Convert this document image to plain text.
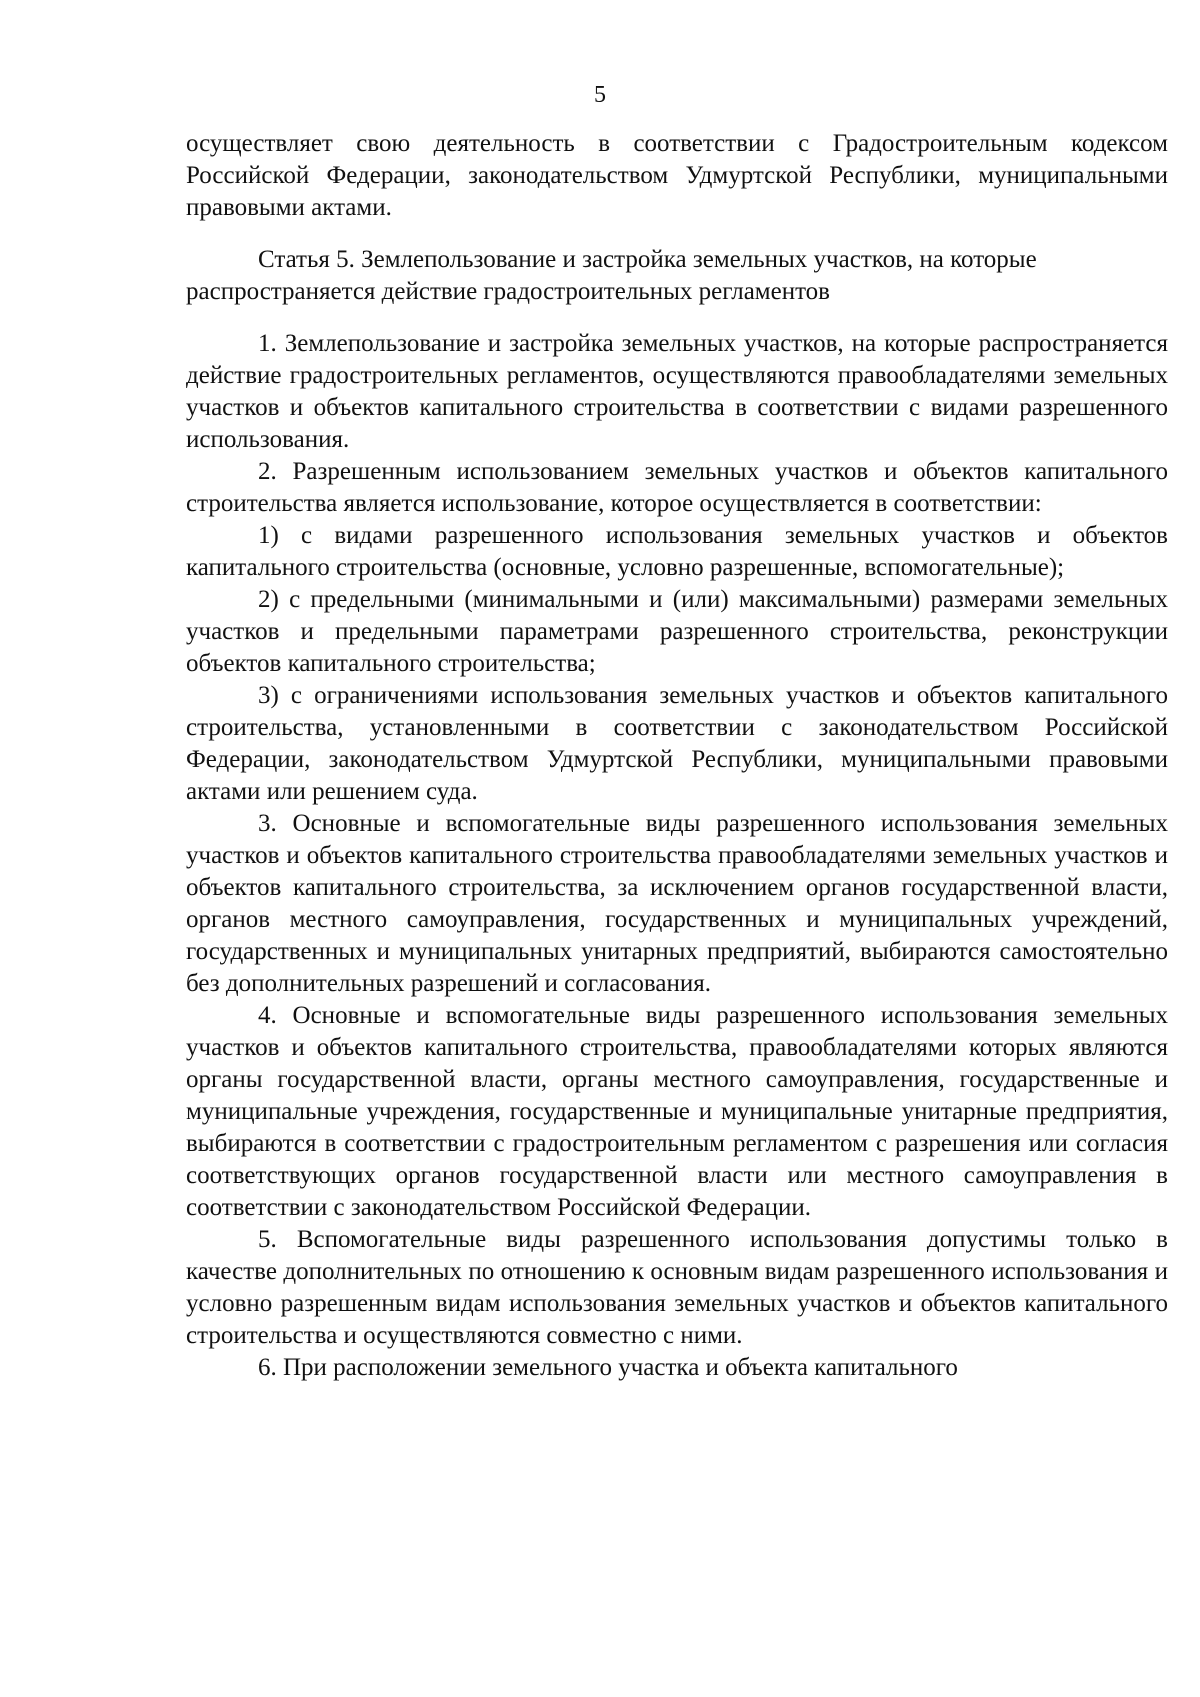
5

осуществляет свою деятельность в соответствии с Градостроительным кодексом Российской Федерации, законодательством Удмуртской Республики, муниципальными правовыми актами.

Статья 5. Землепользование и застройка земельных участков, на которые распространяется действие градостроительных регламентов

1. Землепользование и застройка земельных участков, на которые распространяется действие градостроительных регламентов, осуществляются правообладателями земельных участков и объектов капитального строительства в соответствии с видами разрешенного использования.

2. Разрешенным использованием земельных участков и объектов капитального строительства является использование, которое осуществляется в соответствии:

1) с видами разрешенного использования земельных участков и объектов капитального строительства (основные, условно разрешенные, вспомогательные);

2) с предельными (минимальными и (или) максимальными) размерами земельных участков и предельными параметрами разрешенного строительства, реконструкции объектов капитального строительства;

3) с ограничениями использования земельных участков и объектов капитального строительства, установленными в соответствии с законодательством Российской Федерации, законодательством Удмуртской Республики, муниципальными правовыми актами или решением суда.

3. Основные и вспомогательные виды разрешенного использования земельных участков и объектов капитального строительства правообладателями земельных участков и объектов капитального строительства, за исключением органов государственной власти, органов местного самоуправления, государственных и муниципальных учреждений, государственных и муниципальных унитарных предприятий, выбираются самостоятельно без дополнительных разрешений и согласования.

4. Основные и вспомогательные виды разрешенного использования земельных участков и объектов капитального строительства, правообладателями которых являются органы государственной власти, органы местного самоуправления, государственные и муниципальные учреждения, государственные и муниципальные унитарные предприятия, выбираются в соответствии с градостроительным регламентом с разрешения или согласия соответствующих органов государственной власти или местного самоуправления в соответствии с законодательством Российской Федерации.

5. Вспомогательные виды разрешенного использования допустимы только в качестве дополнительных по отношению к основным видам разрешенного использования и условно разрешенным видам использования земельных участков и объектов капитального строительства и осуществляются совместно с ними.

6. При расположении земельного участка и объекта капитального
